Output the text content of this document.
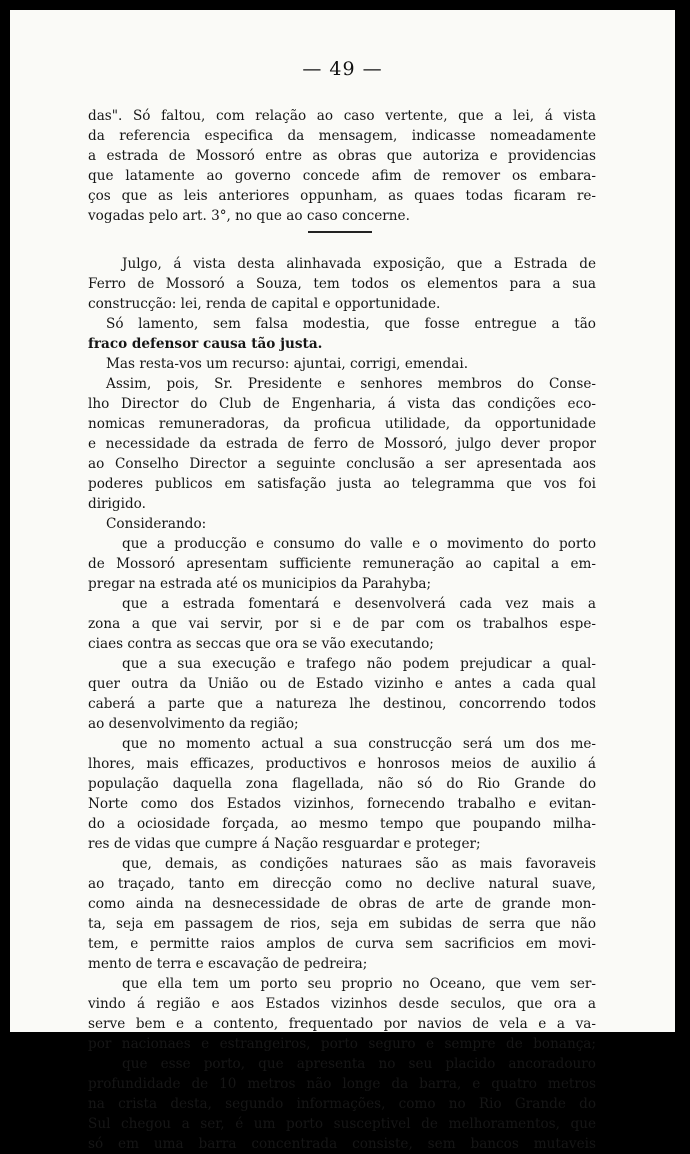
— 49 —
das". Só faltou, com relação ao caso vertente, que a lei, á vista
da referencia especifica da mensagem, indicasse nomeadamente
a estrada de Mossoró entre as obras que autoriza e providencias
que latamente ao governo concede afim de remover os embara-
ços que as leis anteriores oppunham, as quaes todas ficaram re-
vogadas pelo art. 3°, no que ao caso concerne.
Julgo, á vista desta alinhavada exposição, que a Estrada de
Ferro de Mossoró a Souza, tem todos os elementos para a sua
construcção: lei, renda de capital e opportunidade.
Só lamento, sem falsa modestia, que fosse entregue a tão
fraco defensor causa tão justa.
Mas resta-vos um recurso: ajuntai, corrigi, emendai.
Assim, pois, Sr. Presidente e senhores membros do Conse-
lho Director do Club de Engenharia, á vista das condições eco-
nomicas remuneradoras, da proficua utilidade, da opportunidade
e necessidade da estrada de ferro de Mossoró, julgo dever propor
ao Conselho Director a seguinte conclusão a ser apresentada aos
poderes publicos em satisfação justa ao telegramma que vos foi
dirigido.
Considerando:
que a producção e consumo do valle e o movimento do porto
de Mossoró apresentam sufficiente remuneração ao capital a em-
pregar na estrada até os municipios da Parahyba;
que a estrada fomentará e desenvolverá cada vez mais a
zona a que vai servir, por si e de par com os trabalhos espe-
ciaes contra as seccas que ora se vão executando;
que a sua execução e trafego não podem prejudicar a qual-
quer outra da União ou de Estado vizinho e antes a cada qual
caberá a parte que a natureza lhe destinou, concorrendo todos
ao desenvolvimento da região;
que no momento actual a sua construcção será um dos me-
lhores, mais efficazes, productivos e honrosos meios de auxilio á
população daquella zona flagellada, não só do Rio Grande do
Norte como dos Estados vizinhos, fornecendo trabalho e evitan-
do a ociosidade forçada, ao mesmo tempo que poupando milha-
res de vidas que cumpre á Nação resguardar e proteger;
que, demais, as condições naturaes são as mais favoraveis
ao traçado, tanto em direcção como no declive natural suave,
como ainda na desnecessidade de obras de arte de grande mon-
ta, seja em passagem de rios, seja em subidas de serra que não
tem, e permitte raios amplos de curva sem sacrificios em movi-
mento de terra e escavação de pedreira;
que ella tem um porto seu proprio no Oceano, que vem ser-
vindo á região e aos Estados vizinhos desde seculos, que ora a
serve bem e a contento, frequentado por navios de vela e a va-
por nacionaes e estrangeiros, porto seguro e sempre de bonança;
que esse porto, que apresenta no seu placido ancoradouro
profundidade de 10 metros não longe da barra, e quatro metros
na crista desta, segundo informações, como no Rio Grande do
Sul chegou a ser, é um porto susceptivel de melhoramentos, que
só em uma barra concentrada consiste, sem bancos mutaveis
